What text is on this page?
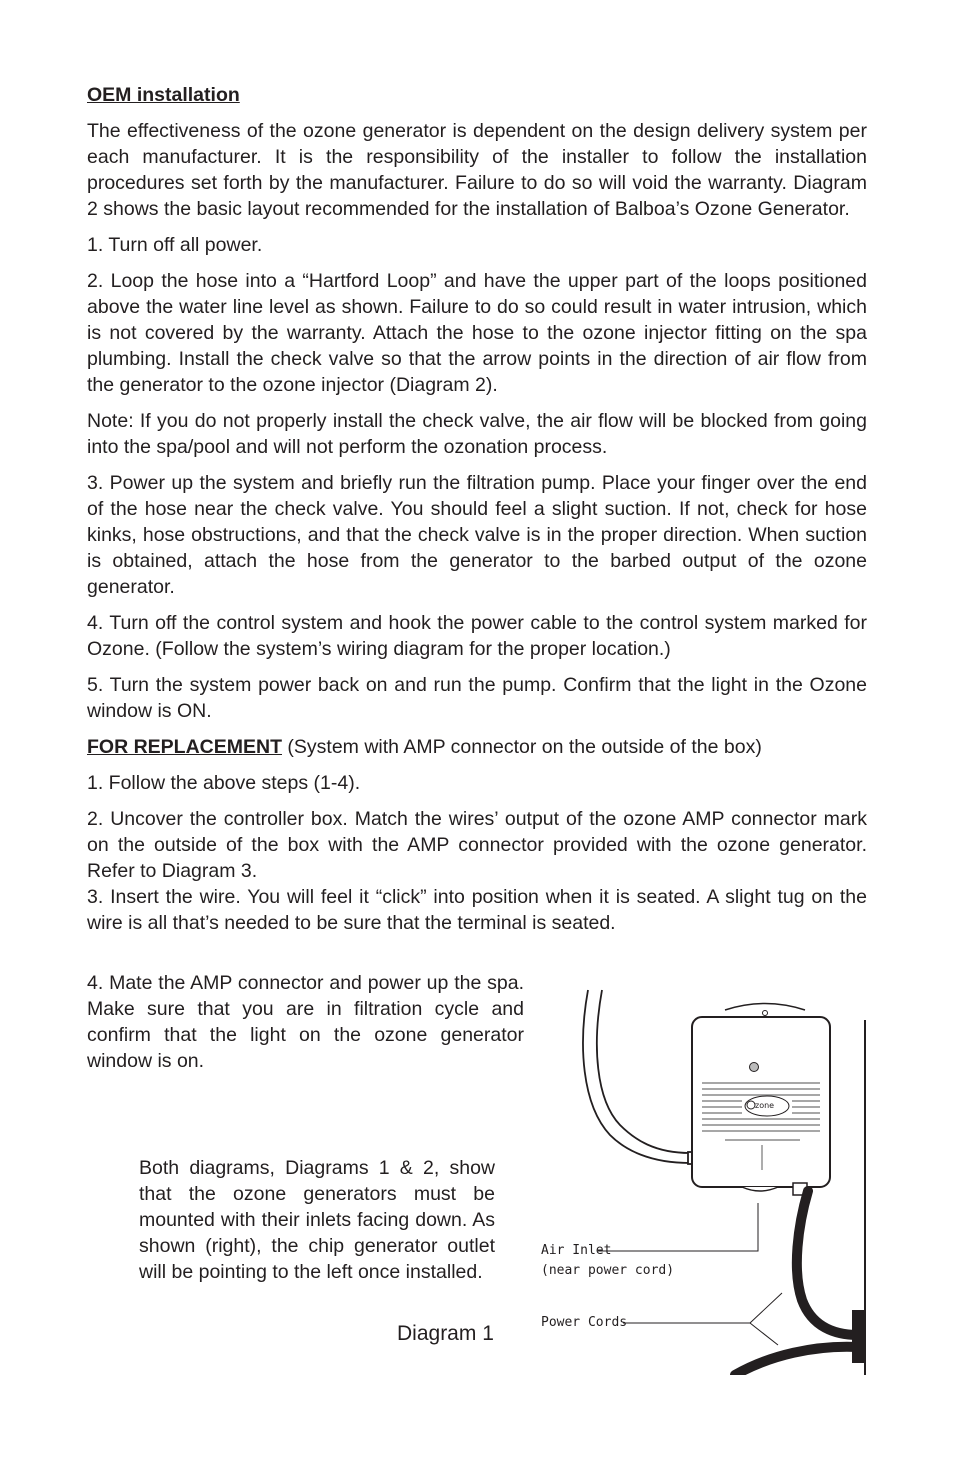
OEM installation

The effectiveness of the ozone generator is dependent on the design delivery system per each manufacturer. It is the responsibility of the installer to follow the installation procedures set forth by the manufacturer. Failure to do so will void the warranty. Diagram 2 shows the basic layout recommended for the installation of Balboa’s Ozone Generator.

1. Turn off all power.

2. Loop the hose into a “Hartford Loop” and have the upper part of the loops positioned above the water line level as shown. Failure to do so could result in water intrusion, which is not covered by the warranty. Attach the hose to the ozone injector fitting on the spa plumbing. Install the check valve so that the arrow points in the direction of air flow from the generator to the ozone injector (Diagram 2).

Note: If you do not properly install the check valve, the air flow will be blocked from going into the spa/pool and will not perform the ozonation process.

3. Power up the system and briefly run the filtration pump. Place your finger over the end of the hose near the check valve. You should feel a slight suction. If not, check for hose kinks, hose obstructions, and that the check valve is in the proper direction. When suction is obtained, attach the hose from the generator to the barbed output of the ozone generator.

4. Turn off the control system and hook the power cable to the control system marked for Ozone. (Follow the system’s wiring diagram for the proper location.)

5. Turn the system power back on and run the pump. Confirm that the light in the Ozone window is ON.

FOR REPLACEMENT (System with AMP connector on the outside of the box)

1. Follow the above steps (1-4).

2. Uncover the controller box. Match the wires’ output of the ozone AMP connector mark on the outside of the box with the AMP connector provided with the ozone generator. Refer to Diagram 3.

3. Insert the wire. You will feel it “click” into position when it is seated. A slight tug on the wire is all that’s needed to be sure that the terminal is seated.

4. Mate the AMP connector and power up the spa. Make sure that you are in filtration cycle and confirm that the light on the ozone generator window is on.

Both diagrams, Diagrams 1 & 2, show that the ozone generators must be mounted with their inlets facing down. As shown (right), the chip generator outlet will be pointing to the left once installed.

Diagram 1
zone
Air Inlet
(near power cord)
Power Cords
